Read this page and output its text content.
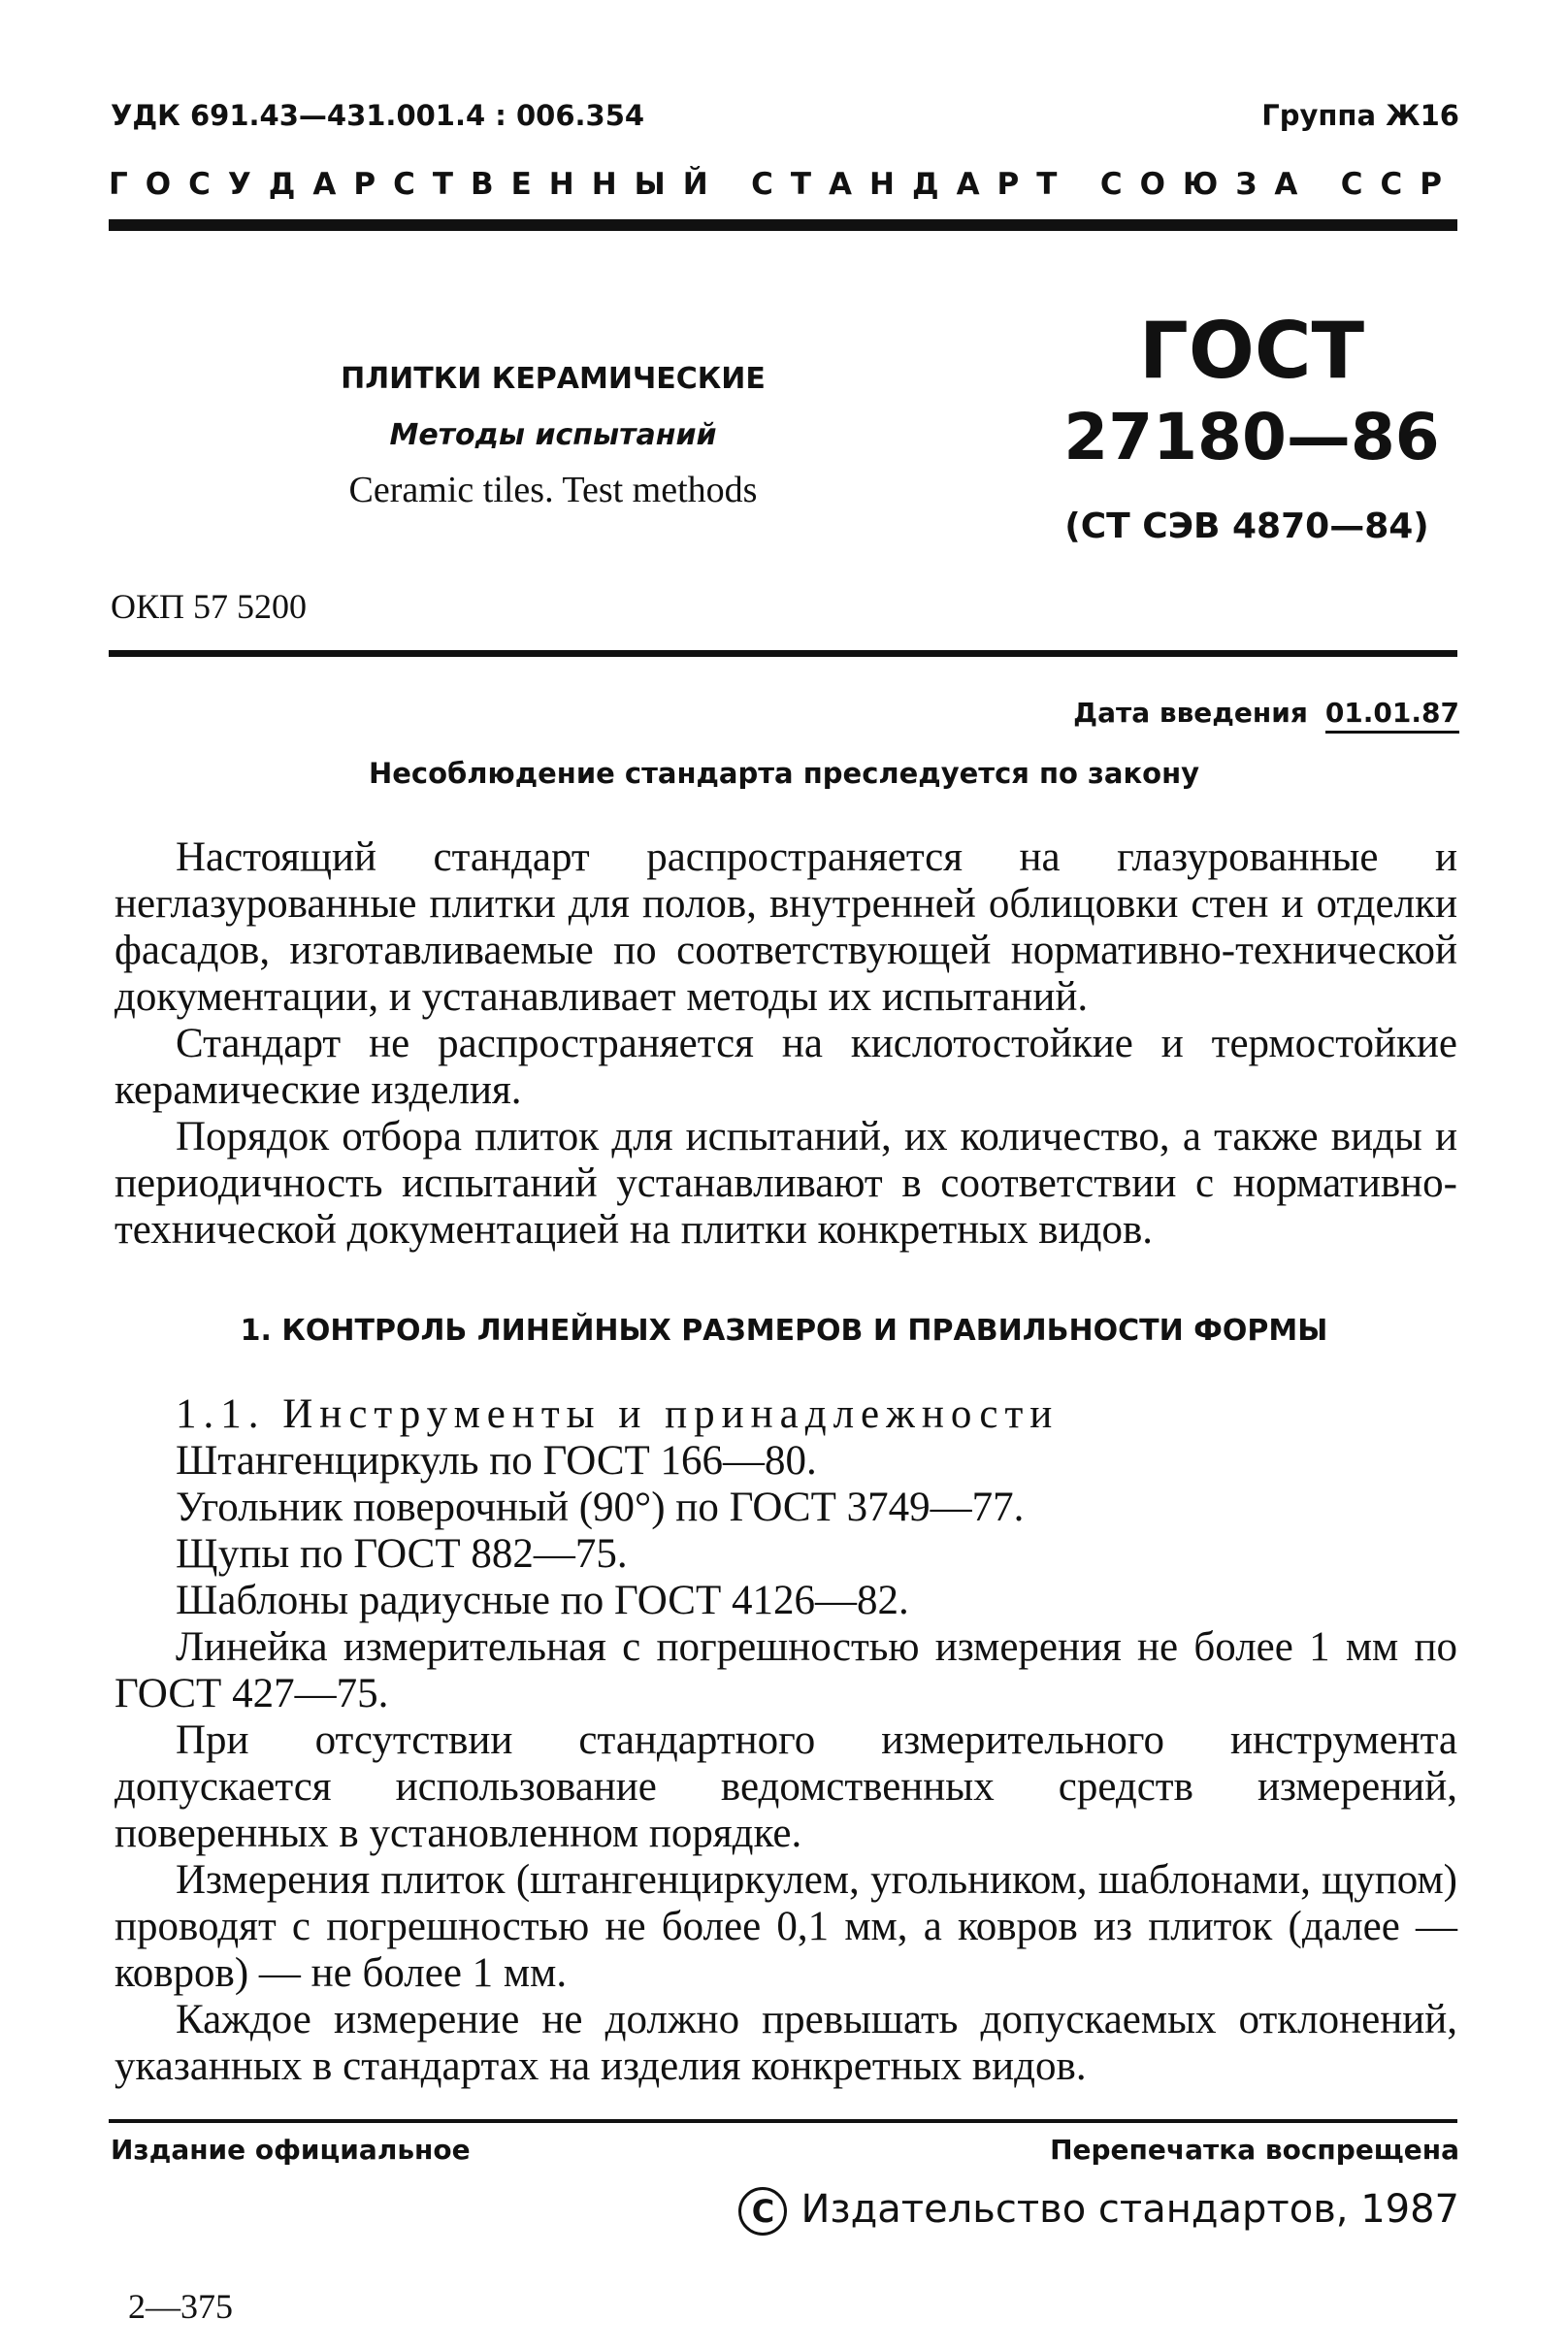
УДК 691.43—431.001.4 : 006.354	Группа Ж16
ГОСУДАРСТВЕННЫЙ СТАНДАРТ СОЮЗА ССР
ПЛИТКИ КЕРАМИЧЕСКИЕ
Методы испытаний
Ceramic tiles. Test methods
ГОСТ
27180—86
(СТ СЭВ 4870—84)
ОКП 57 5200
Дата введения 01.01.87
Несоблюдение стандарта преследуется по закону
Настоящий стандарт распространяется на глазурованные и неглазурованные плитки для полов, внутренней облицовки стен и отделки фасадов, изготавливаемые по соответствующей нормативно-технической документации, и устанавливает методы их испытаний.
Стандарт не распространяется на кислотостойкие и термостойкие керамические изделия.
Порядок отбора плиток для испытаний, их количество, а также виды и периодичность испытаний устанавливают в соответствии с нормативно-технической документацией на плитки конкретных видов.
1. КОНТРОЛЬ ЛИНЕЙНЫХ РАЗМЕРОВ И ПРАВИЛЬНОСТИ ФОРМЫ
1.1. Инструменты и принадлежности
Штангенциркуль по ГОСТ 166—80.
Угольник поверочный (90°) по ГОСТ 3749—77.
Щупы по ГОСТ 882—75.
Шаблоны радиусные по ГОСТ 4126—82.
Линейка измерительная с погрешностью измерения не более 1 мм по ГОСТ 427—75.
При отсутствии стандартного измерительного инструмента допускается использование ведомственных средств измерений, поверенных в установленном порядке.
Измерения плиток (штангенциркулем, угольником, шаблонами, щупом) проводят с погрешностью не более 0,1 мм, а ковров из плиток (далее — ковров) — не более 1 мм.
Каждое измерение не должно превышать допускаемых отклонений, указанных в стандартах на изделия конкретных видов.
Издание официальное	Перепечатка воспрещена
C Издательство стандартов, 1987
2—375
